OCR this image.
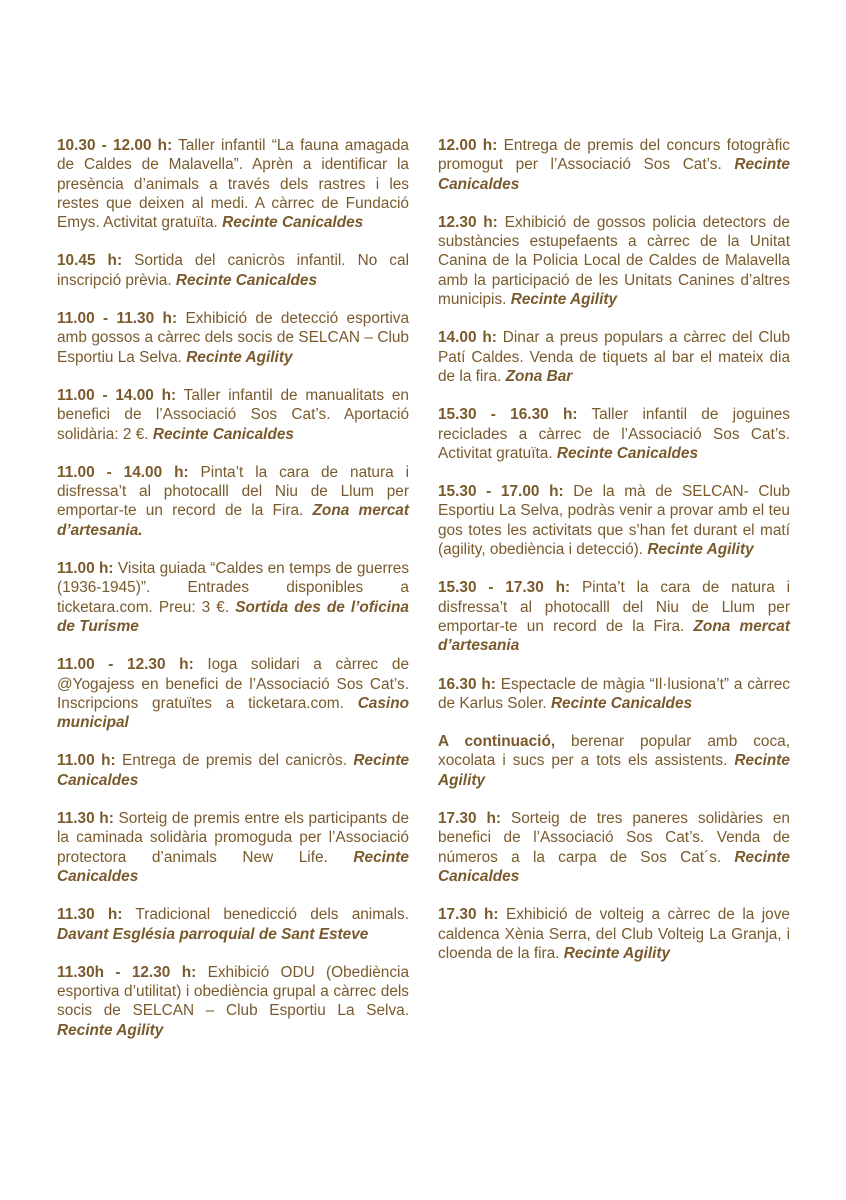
10.30 - 12.00 h: Taller infantil “La fauna amagada de Caldes de Malavella”. Aprèn a identificar la presència d’animals a través dels rastres i les restes que deixen al medi. A càrrec de Fundació Emys. Activitat gratuïta. Recinte Canicaldes

10.45 h: Sortida del canicròs infantil. No cal inscripció prèvia. Recinte Canicaldes

11.00 - 11.30 h: Exhibició de detecció esportiva amb gossos a càrrec dels socis de SELCAN – Club Esportiu La Selva. Recinte Agility

11.00 - 14.00 h: Taller infantil de manualitats en benefici de l’Associació Sos Cat’s. Aportació solidària: 2 €. Recinte Canicaldes

11.00 - 14.00 h: Pinta’t la cara de natura i disfressa’t al photocalll del Niu de Llum per emportar-te un record de la Fira. Zona mercat d’artesania.

11.00 h: Visita guiada “Caldes en temps de guerres (1936-1945)”. Entrades disponibles a ticketara.com. Preu: 3 €. Sortida des de l’oficina de Turisme

11.00 - 12.30 h: Ioga solidari a càrrec de @Yogajess en benefici de l’Associació Sos Cat’s. Inscripcions gratuïtes a ticketara.com. Casino municipal

11.00 h: Entrega de premis del canicròs. Recinte Canicaldes

11.30 h: Sorteig de premis entre els participants de la caminada solidària promoguda per l’Associació protectora d’animals New Life. Recinte Canicaldes

11.30 h: Tradicional benedicció dels animals. Davant Església parroquial de Sant Esteve

11.30h - 12.30 h: Exhibició ODU (Obediència esportiva d’utilitat) i obediència grupal a càrrec dels socis de SELCAN – Club Esportiu La Selva. Recinte Agility

12.00 h: Entrega de premis del concurs fotogràfic promogut per l’Associació Sos Cat’s. Recinte Canicaldes

12.30 h: Exhibició de gossos policia detectors de substàncies estupefaents a càrrec de la Unitat Canina de la Policia Local de Caldes de Malavella amb la participació de les Unitats Canines d’altres municipis. Recinte Agility

14.00 h: Dinar a preus populars a càrrec del Club Patí Caldes. Venda de tiquets al bar el mateix dia de la fira. Zona Bar

15.30 - 16.30 h: Taller infantil de joguines reciclades a càrrec de l’Associació Sos Cat’s. Activitat gratuïta. Recinte Canicaldes

15.30 - 17.00 h: De la mà de SELCAN- Club Esportiu La Selva, podràs venir a provar amb el teu gos totes les activitats que s’han fet durant el matí (agility, obediència i detecció). Recinte Agility

15.30 - 17.30 h: Pinta’t la cara de natura i disfressa’t al photocalll del Niu de Llum per emportar-te un record de la Fira. Zona mercat d’artesania

16.30 h: Espectacle de màgia “Il·lusiona’t” a càrrec de Karlus Soler. Recinte Canicaldes

A continuació, berenar popular amb coca, xocolata i sucs per a tots els assistents. Recinte Agility

17.30 h: Sorteig de tres paneres solidàries en benefici de l’Associació Sos Cat’s. Venda de números a la carpa de Sos Cat´s. Recinte Canicaldes

17.30 h: Exhibició de volteig a càrrec de la jove caldenca Xènia Serra, del Club Volteig La Granja, i cloenda de la fira. Recinte Agility
